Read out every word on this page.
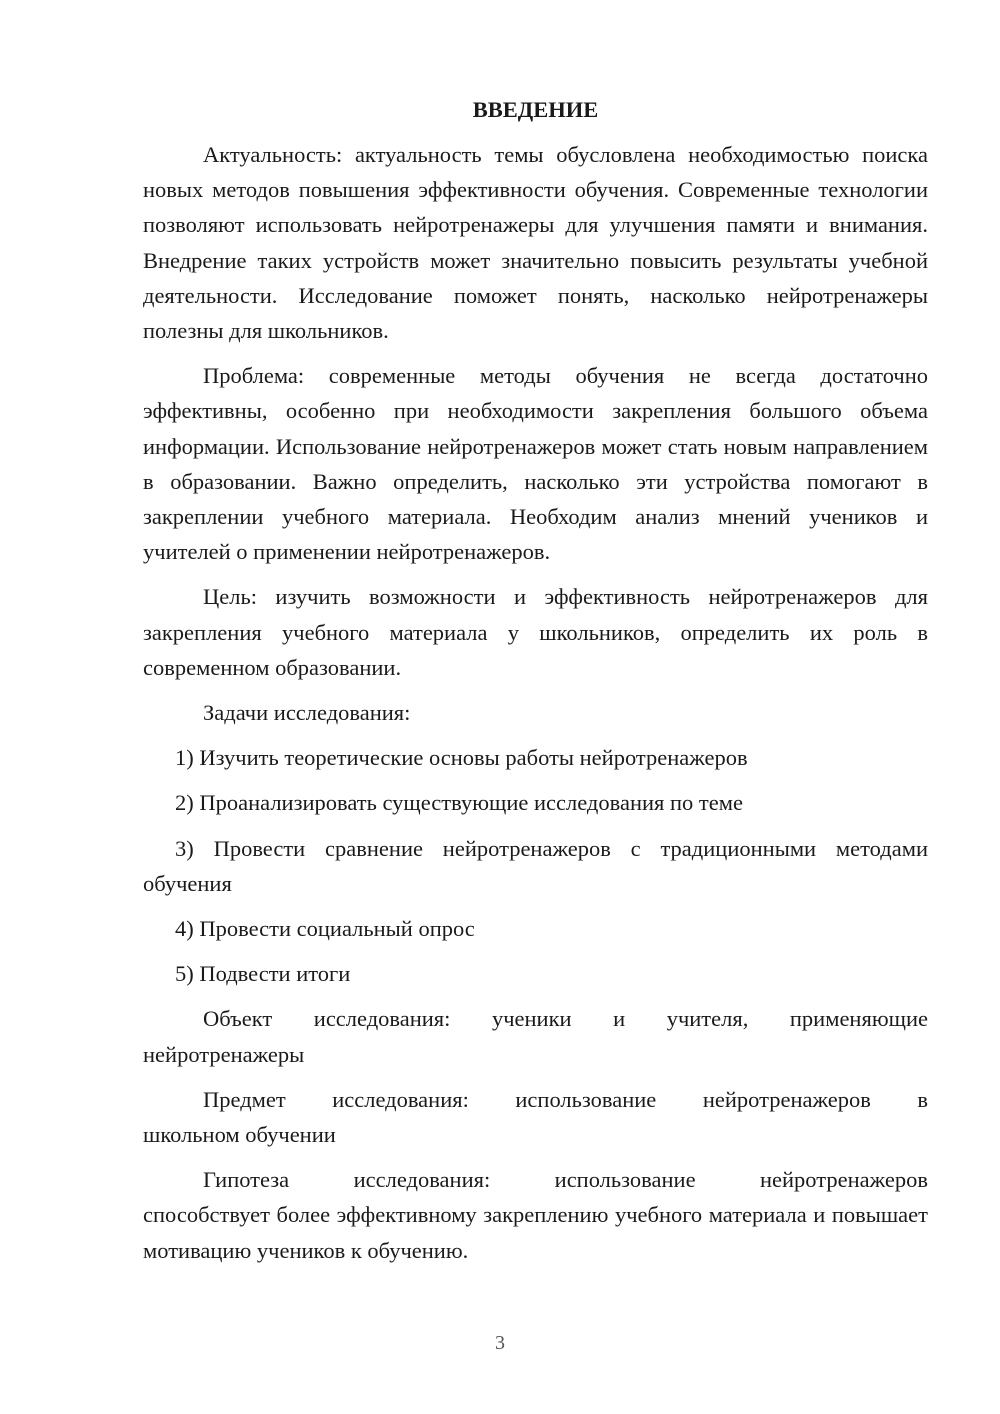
ВВЕДЕНИЕ

Актуальность: актуальность темы обусловлена необходимостью поиска новых методов повышения эффективности обучения. Современные технологии позволяют использовать нейротренажеры для улучшения памяти и внимания. Внедрение таких устройств может значительно повысить результаты учебной деятельности. Исследование поможет понять, насколько нейротренажеры полезны для школьников.

Проблема: современные методы обучения не всегда достаточно эффективны, особенно при необходимости закрепления большого объема информации. Использование нейротренажеров может стать новым направлением в образовании. Важно определить, насколько эти устройства помогают в закреплении учебного материала. Необходим анализ мнений учеников и учителей о применении нейротренажеров.

Цель: изучить возможности и эффективность нейротренажеров для закрепления учебного материала у школьников, определить их роль в современном образовании.

Задачи исследования:

1) Изучить теоретические основы работы нейротренажеров

2) Проанализировать существующие исследования по теме

3) Провести сравнение нейротренажеров с традиционными методами обучения

4) Провести социальный опрос

5) Подвести итоги

Объект исследования: ученики и учителя, применяющие

нейротренажеры

Предмет исследования: использование нейротренажеров в

школьном обучении

Гипотеза исследования: использование нейротренажеров

способствует более эффективному закреплению учебного материала и повышает мотивацию учеников к обучению.

3
